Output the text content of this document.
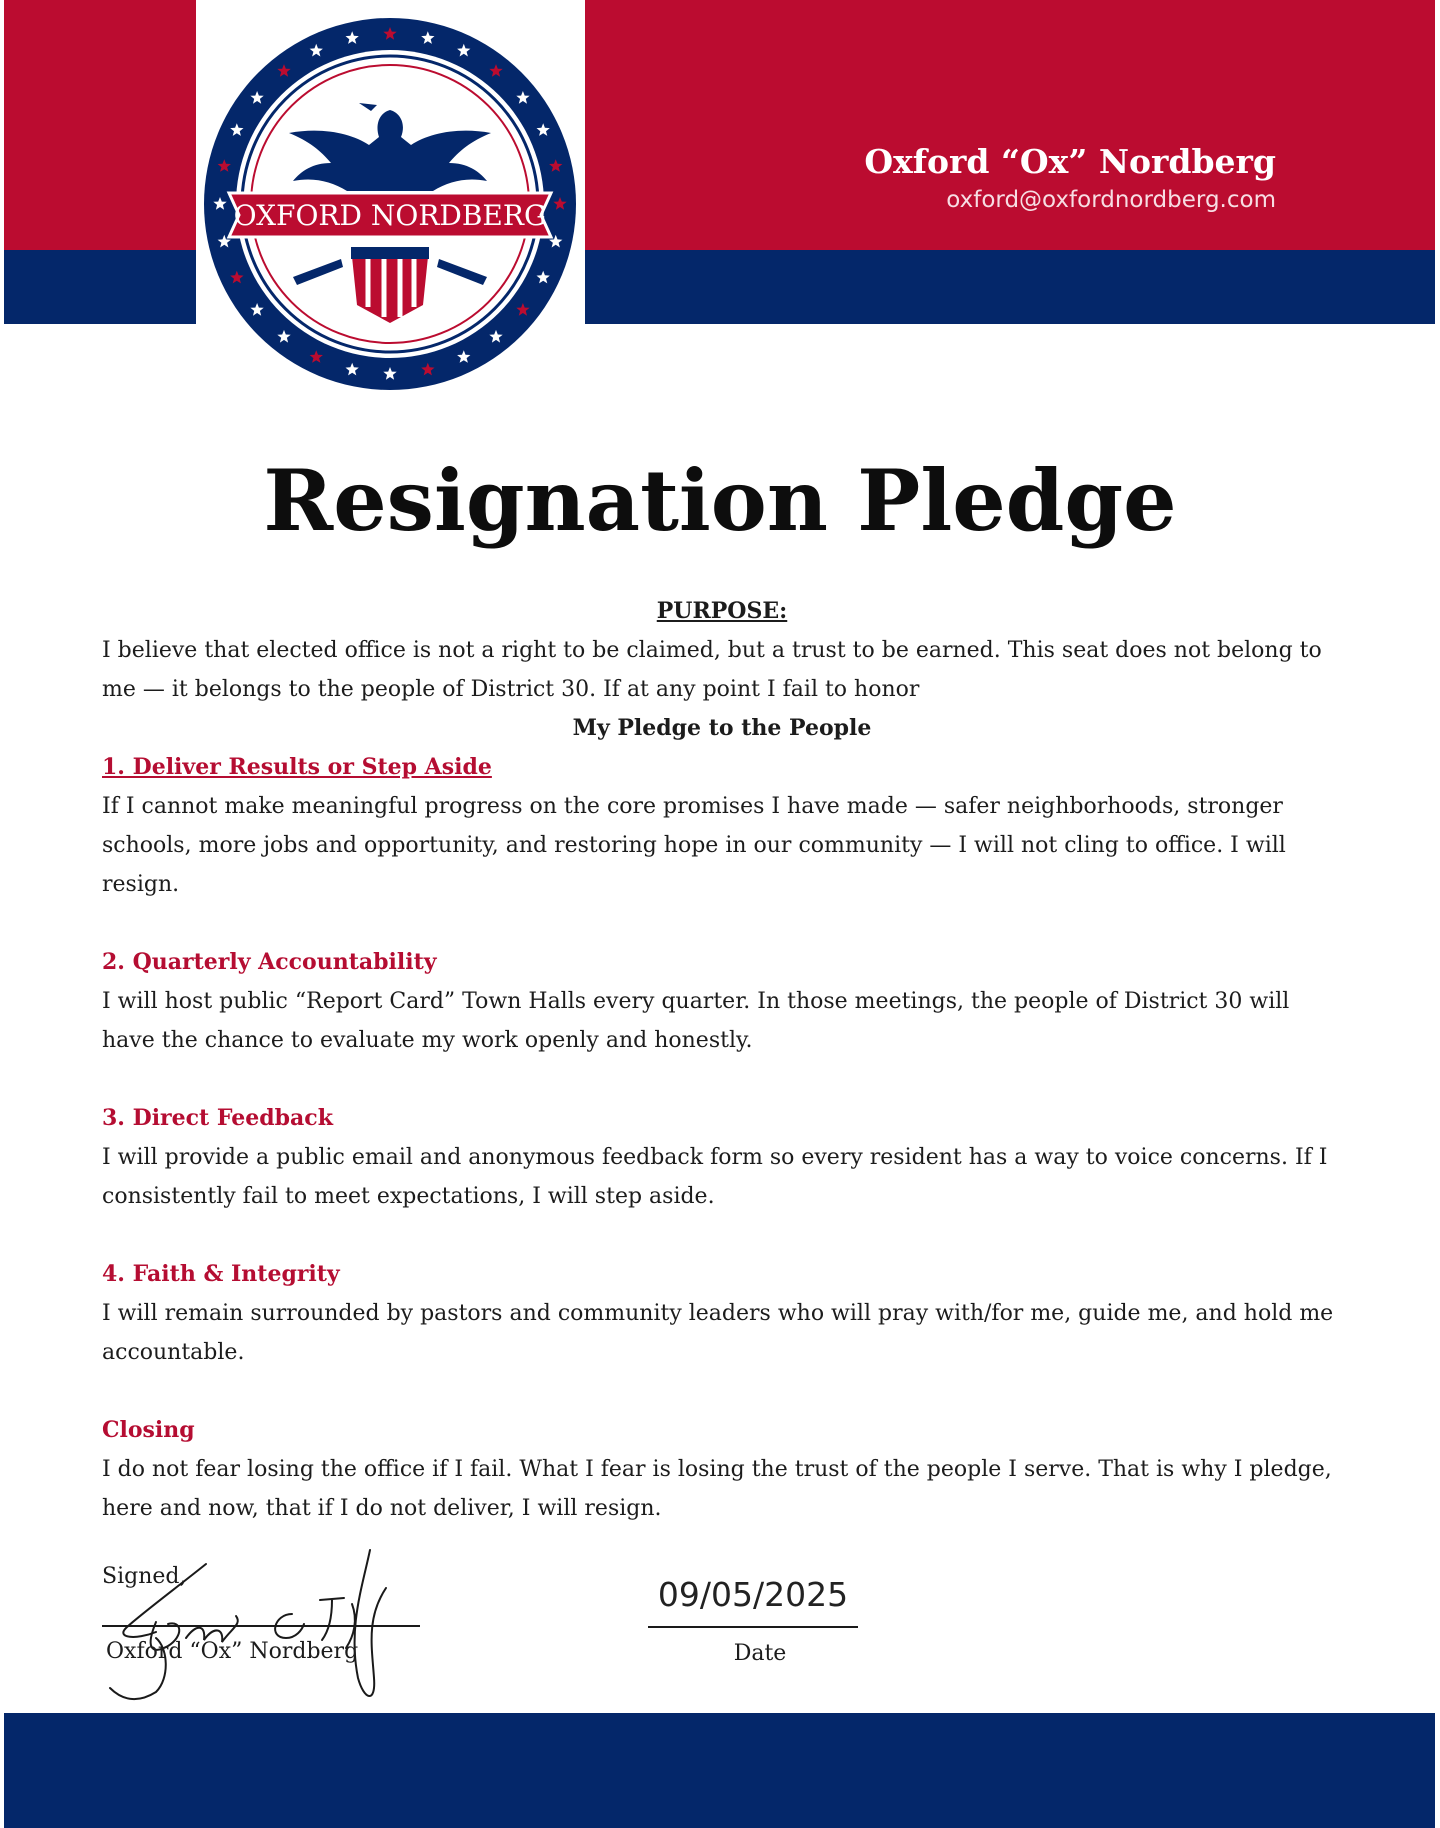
OXFORD NORDBERG
Oxford “Ox” Nordberg
oxford@oxfordnordberg.com
Resignation Pledge

PURPOSE:

I believe that elected office is not a right to be claimed, but a trust to be earned. This seat does not belong to me — it belongs to the people of District 30. If at any point I fail to honor

My Pledge to the People

1. Deliver Results or Step Aside

If I cannot make meaningful progress on the core promises I have made — safer neighborhoods, stronger schools, more jobs and opportunity, and restoring hope in our community — I will not cling to office. I will resign.

2. Quarterly Accountability

I will host public “Report Card” Town Halls every quarter. In those meetings, the people of District 30 will have the chance to evaluate my work openly and honestly.

3. Direct Feedback

I will provide a public email and anonymous feedback form so every resident has a way to voice concerns. If I consistently fail to meet expectations, I will step aside.

4. Faith & Integrity

I will remain surrounded by pastors and community leaders who will pray with/for me, guide me, and hold me accountable.

Closing

I do not fear losing the office if I fail. What I fear is losing the trust of the people I serve. That is why I pledge, here and now, that if I do not deliver, I will resign.

Signed,
Oxford “Ox” Nordberg
09/05/2025
Date
